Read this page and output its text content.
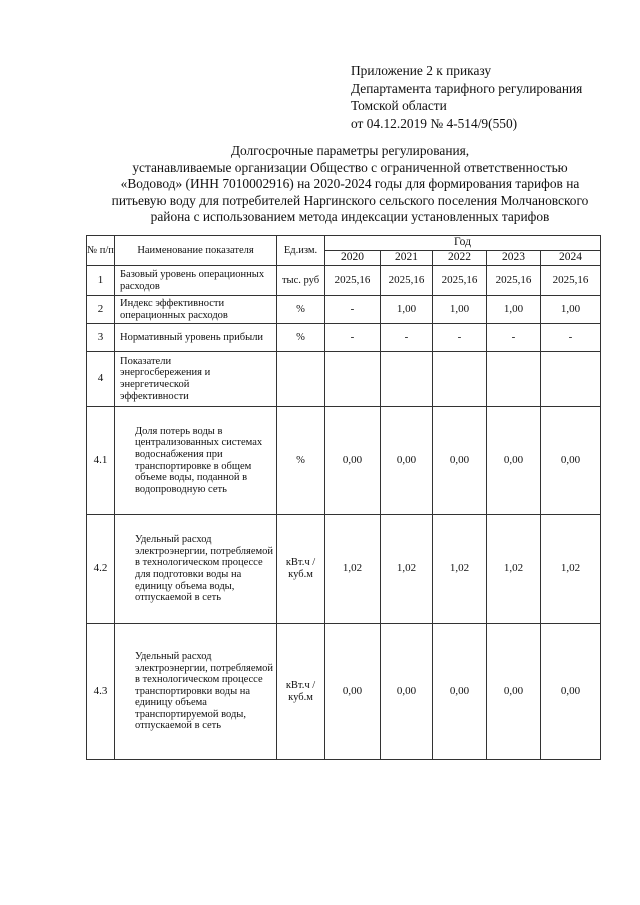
Приложение 2 к приказу
Департамента тарифного регулирования
Томской области
от 04.12.2019 № 4-514/9(550)
Долгосрочные параметры регулирования,
устанавливаемые организации Общество с ограниченной ответственностью
«Водовод» (ИНН 7010002916) на 2020-2024 годы для формирования тарифов на
питьевую воду для потребителей Наргинского сельского поселения Молчановского
района с использованием метода индексации установленных тарифов
№ п/п	Наименование показателя	Ед.изм.	Год				
			2020	2021	2022	2023	2024
1	Базовый уровень операционных расходов	тыс. руб	2025,16	2025,16	2025,16	2025,16	2025,16
2	Индекс эффективности операционных расходов	%	-	1,00	1,00	1,00	1,00
3	Нормативный уровень прибыли	%	-	-	-	-	-
4	Показатели энергосбережения и энергетической эффективности						
4.1	Доля потерь воды в централизованных системах водоснабжения при транспортировке в общем объеме воды, поданной в водопроводную сеть	%	0,00	0,00	0,00	0,00	0,00
4.2	Удельный расход электроэнергии, потребляемой в технологическом процессе для подготовки воды на единицу объема воды, отпускаемой в сеть	кВт.ч / куб.м	1,02	1,02	1,02	1,02	1,02
4.3	Удельный расход электроэнергии, потребляемой в технологическом процессе транспортировки воды на единицу объема транспортируемой воды, отпускаемой в сеть	кВт.ч / куб.м	0,00	0,00	0,00	0,00	0,00
